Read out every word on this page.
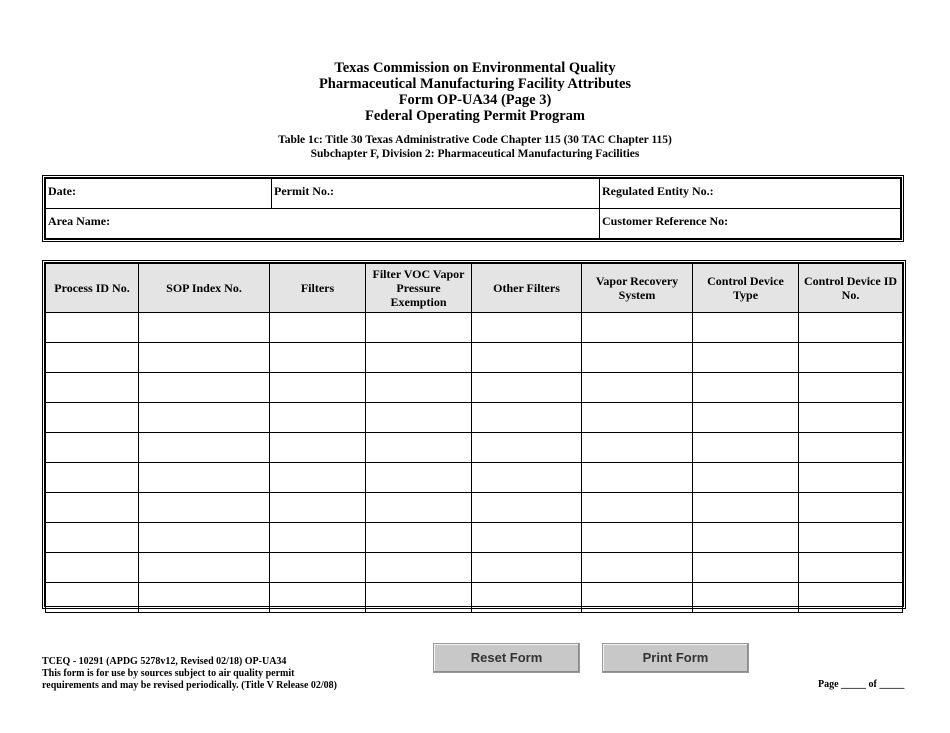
Texas Commission on Environmental Quality
Pharmaceutical Manufacturing Facility Attributes
Form OP-UA34 (Page 3)
Federal Operating Permit Program
Table 1c: Title 30 Texas Administrative Code Chapter 115 (30 TAC Chapter 115)
Subchapter F, Division 2: Pharmaceutical Manufacturing Facilities
Date:	Permit No.:	Regulated Entity No.:
Area Name:		Customer Reference No:
Process ID No.	SOP Index No.	Filters	Filter VOC Vapor Pressure Exemption	Other Filters	Vapor Recovery System	Control Device Type	Control Device ID No.

TCEQ - 10291 (APDG 5278v12, Revised 02/18) OP-UA34
This form is for use by sources subject to air quality permit
requirements and may be revised periodically. (Title V Release 02/08)
Reset Form	Print Form
Page _____ of _____
